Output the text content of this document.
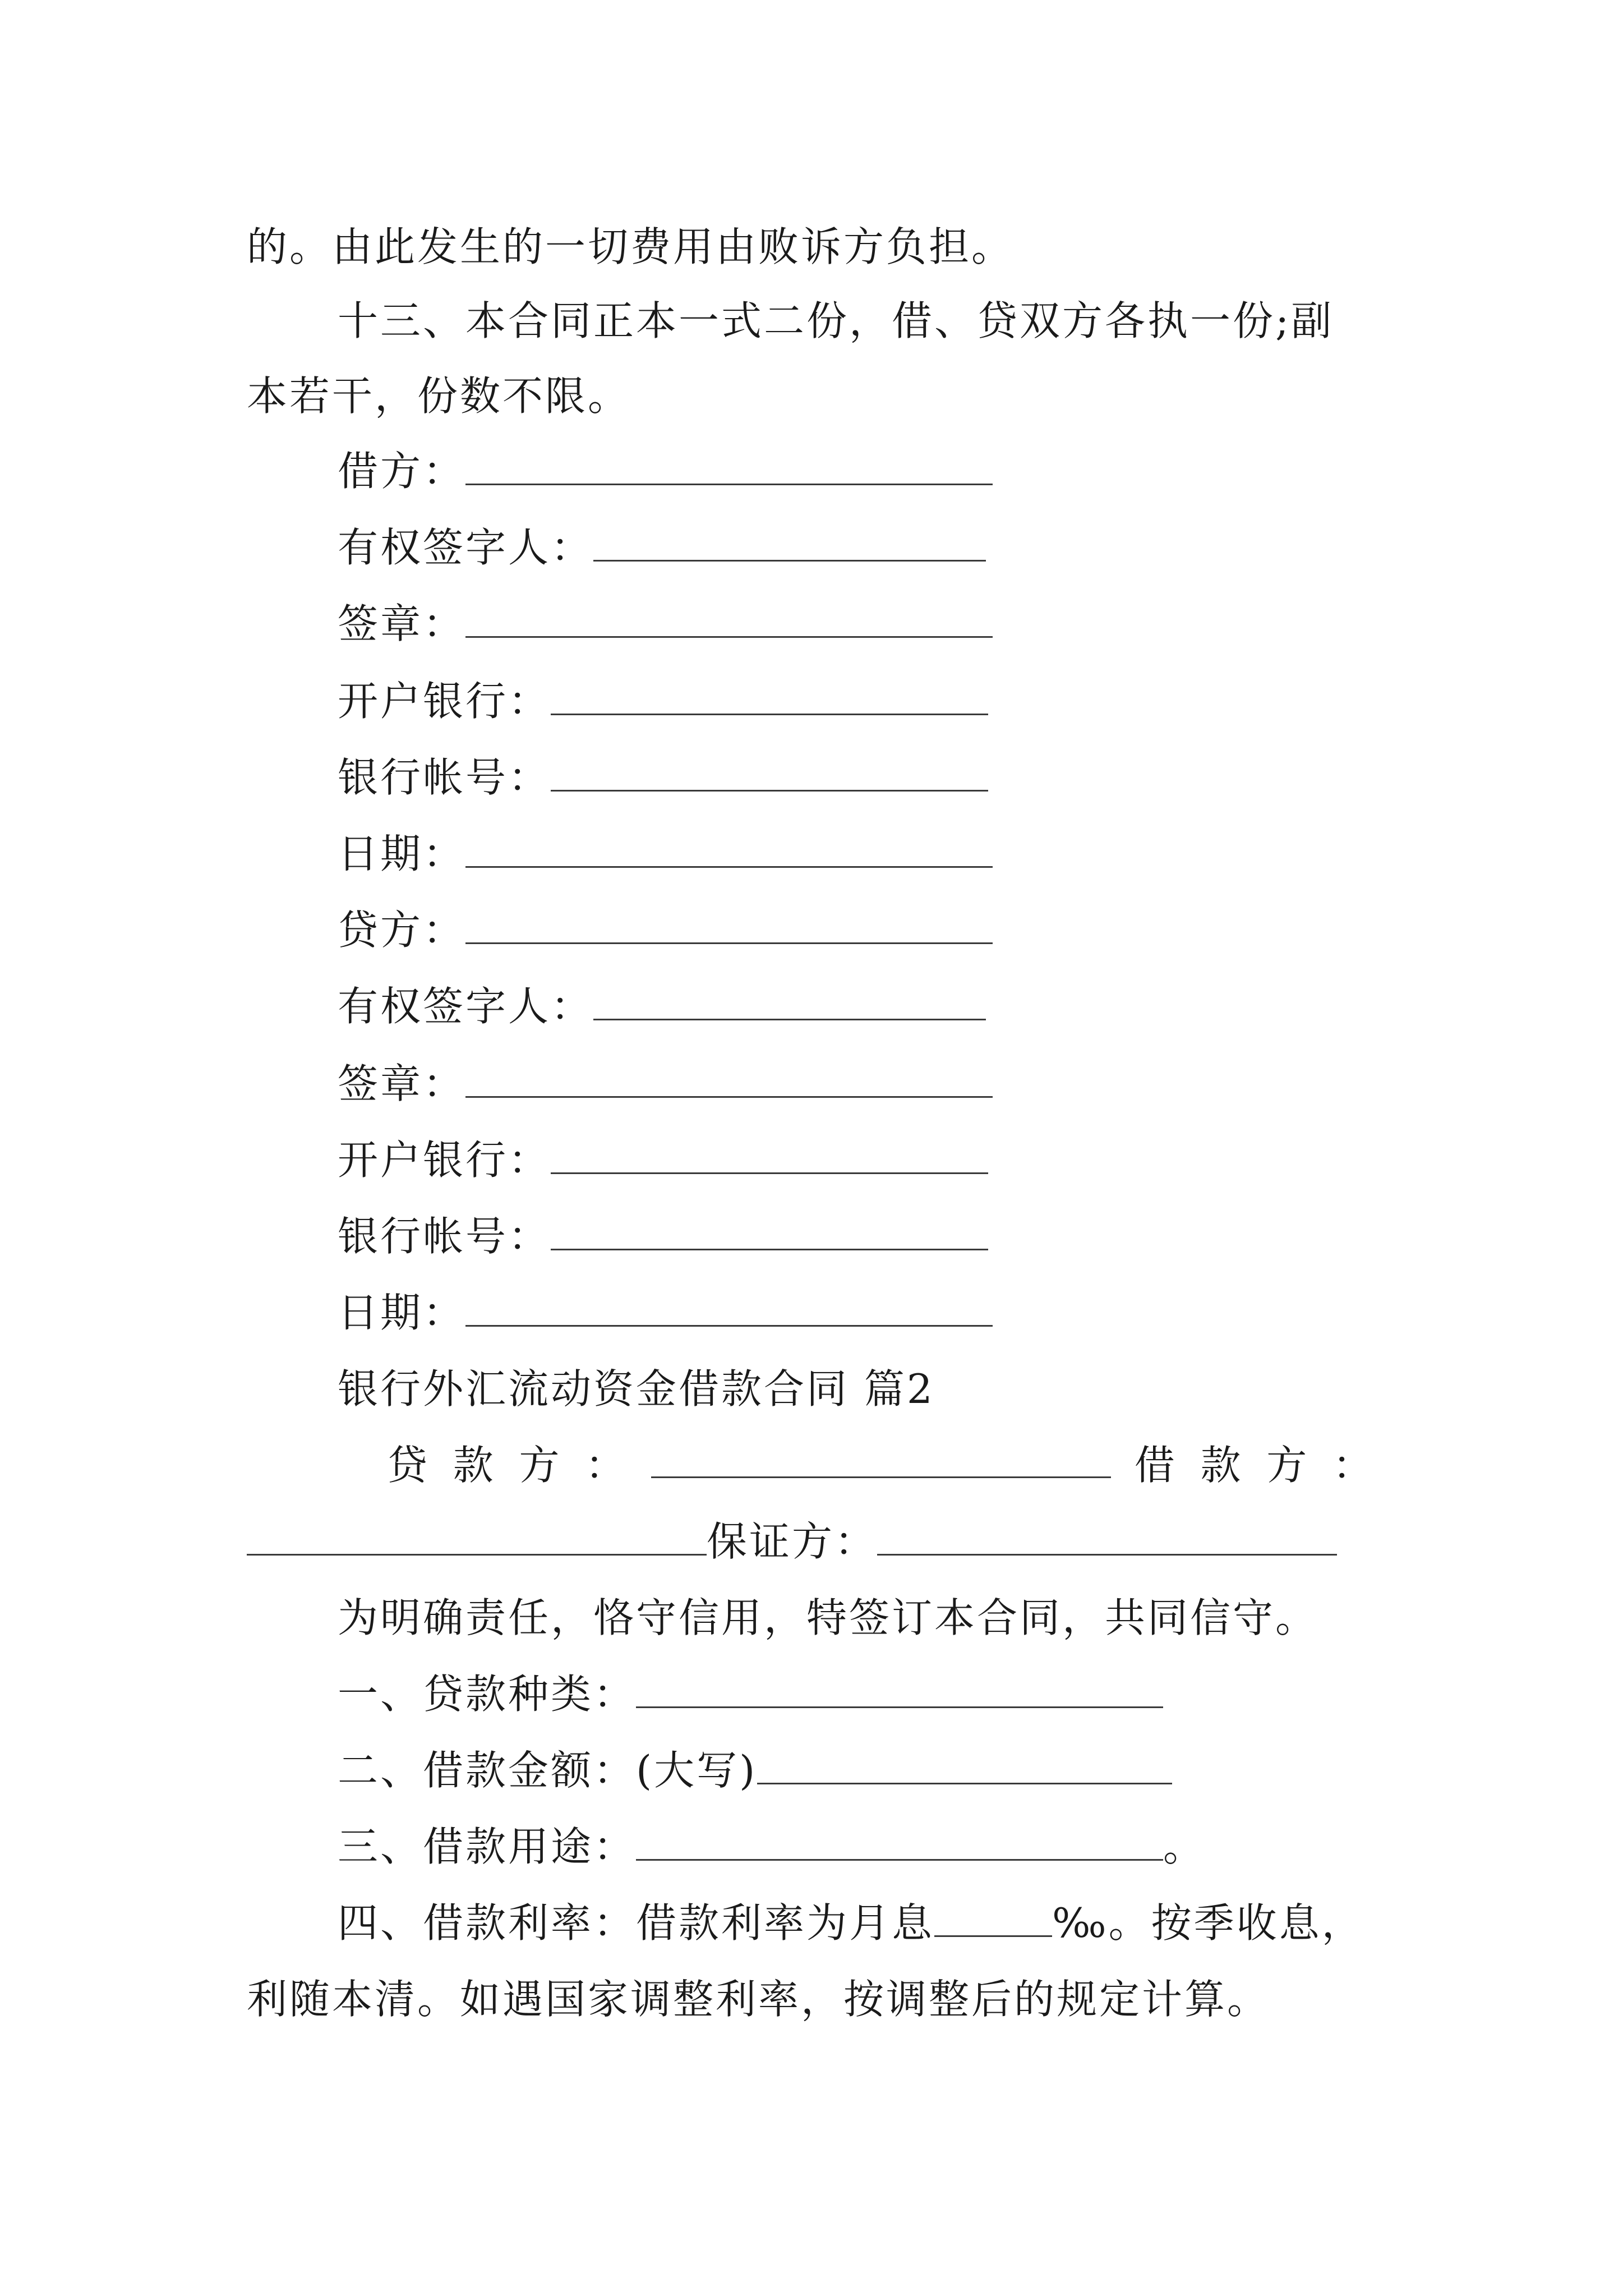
的。由此发生的一切费用由败诉方负担。
十三、本合同正本一式二份，借、贷双方各执一份;副
本若干，份数不限。
借方：
有权签字人：
签章：
开户银行：
银行帐号：
日期：
贷方：
有权签字人：
签章：
开户银行：
银行帐号：
日期：
银行外汇流动资金借款合同 篇2
贷 款 方 ：	借 款 方 ：
保证方：
为明确责任，恪守信用，特签订本合同，共同信守。
一、贷款种类：
二、借款金额：(大写)
三、借款用途：	。
四、借款利率：借款利率为月息	‰。按季收息，
利随本清。如遇国家调整利率，按调整后的规定计算。
